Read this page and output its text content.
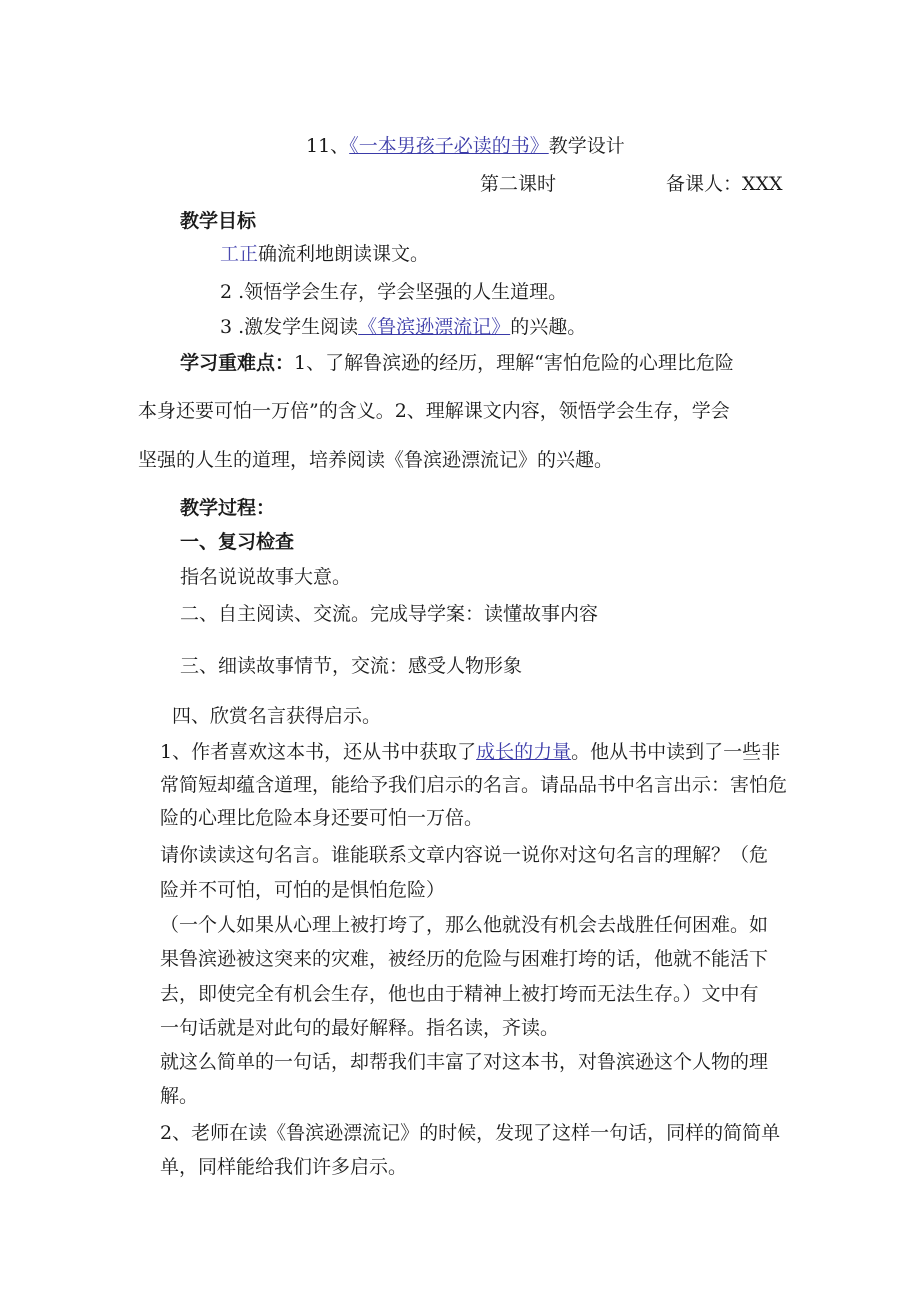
11、《一本男孩子必读的书》教学设计
第二课时	备课人：XXX
教学目标
工正确流利地朗读课文。
2 .领悟学会生存，学会坚强的人生道理。
3 .激发学生阅读《鲁滨逊漂流记》的兴趣。
学习重难点：1、了解鲁滨逊的经历，理解“害怕危险的心理比危险
本身还要可怕一万倍”的含义。2、理解课文内容，领悟学会生存，学会
坚强的人生的道理，培养阅读《鲁滨逊漂流记》的兴趣。
教学过程：
一、复习检查
指名说说故事大意。
二、自主阅读、交流。完成导学案：读懂故事内容
三、细读故事情节，交流：感受人物形象
四、欣赏名言获得启示。
1、作者喜欢这本书，还从书中获取了成长的力量。他从书中读到了一些非
常简短却蕴含道理，能给予我们启示的名言。请品品书中名言出示：害怕危
险的心理比危险本身还要可怕一万倍。
请你读读这句名言。谁能联系文章内容说一说你对这句名言的理解？（危
险并不可怕，可怕的是惧怕危险）
（一个人如果从心理上被打垮了，那么他就没有机会去战胜任何困难。如
果鲁滨逊被这突来的灾难，被经历的危险与困难打垮的话，他就不能活下
去，即使完全有机会生存，他也由于精神上被打垮而无法生存。）文中有
一句话就是对此句的最好解释。指名读，齐读。
就这么简单的一句话，却帮我们丰富了对这本书，对鲁滨逊这个人物的理
解。
2、老师在读《鲁滨逊漂流记》的时候，发现了这样一句话，同样的简简单
单，同样能给我们许多启示。
